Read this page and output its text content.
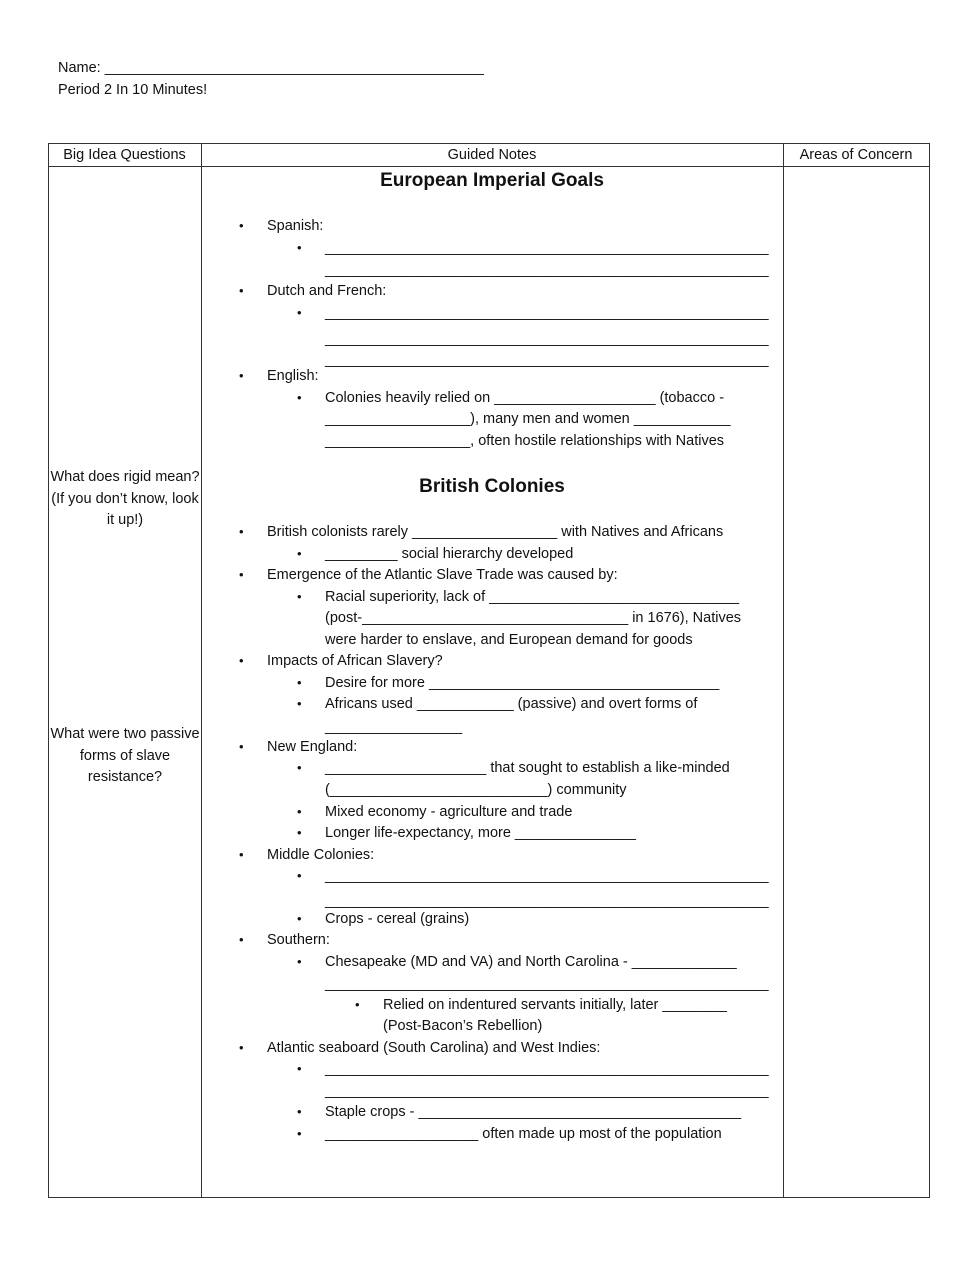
Name: _______________________________________________
Period 2 In 10 Minutes!
Big Idea Questions	Guided Notes	Areas of Concern
What does rigid mean? (If you don’t know, look it up!)
What were two passive forms of slave resistance?
European Imperial Goals
British Colonies
• Spanish:
• _______________________________________________________
_______________________________________________________
• Dutch and French:
• _______________________________________________________
_______________________________________________________
_______________________________________________________
• English:
• Colonies heavily relied on ____________________ (tobacco -
__________________), many men and women ____________
__________________, often hostile relationships with Natives
• British colonists rarely __________________ with Natives and Africans
• _________ social hierarchy developed
• Emergence of the Atlantic Slave Trade was caused by:
• Racial superiority, lack of _______________________________
(post-_________________________________ in 1676), Natives
were harder to enslave, and European demand for goods
• Impacts of African Slavery?
• Desire for more ____________________________________
• Africans used ____________ (passive) and overt forms of
_________________
• New England:
• ____________________ that sought to establish a like-minded
(___________________________) community
• Mixed economy - agriculture and trade
• Longer life-expectancy, more _______________
• Middle Colonies:
• _______________________________________________________
_______________________________________________________
• Crops - cereal (grains)
• Southern:
• Chesapeake (MD and VA) and North Carolina - _____________
_______________________________________________________
• Relied on indentured servants initially, later ________
(Post-Bacon’s Rebellion)
• Atlantic seaboard (South Carolina) and West Indies:
• _______________________________________________________
_______________________________________________________
• Staple crops - ________________________________________
• ___________________ often made up most of the population
